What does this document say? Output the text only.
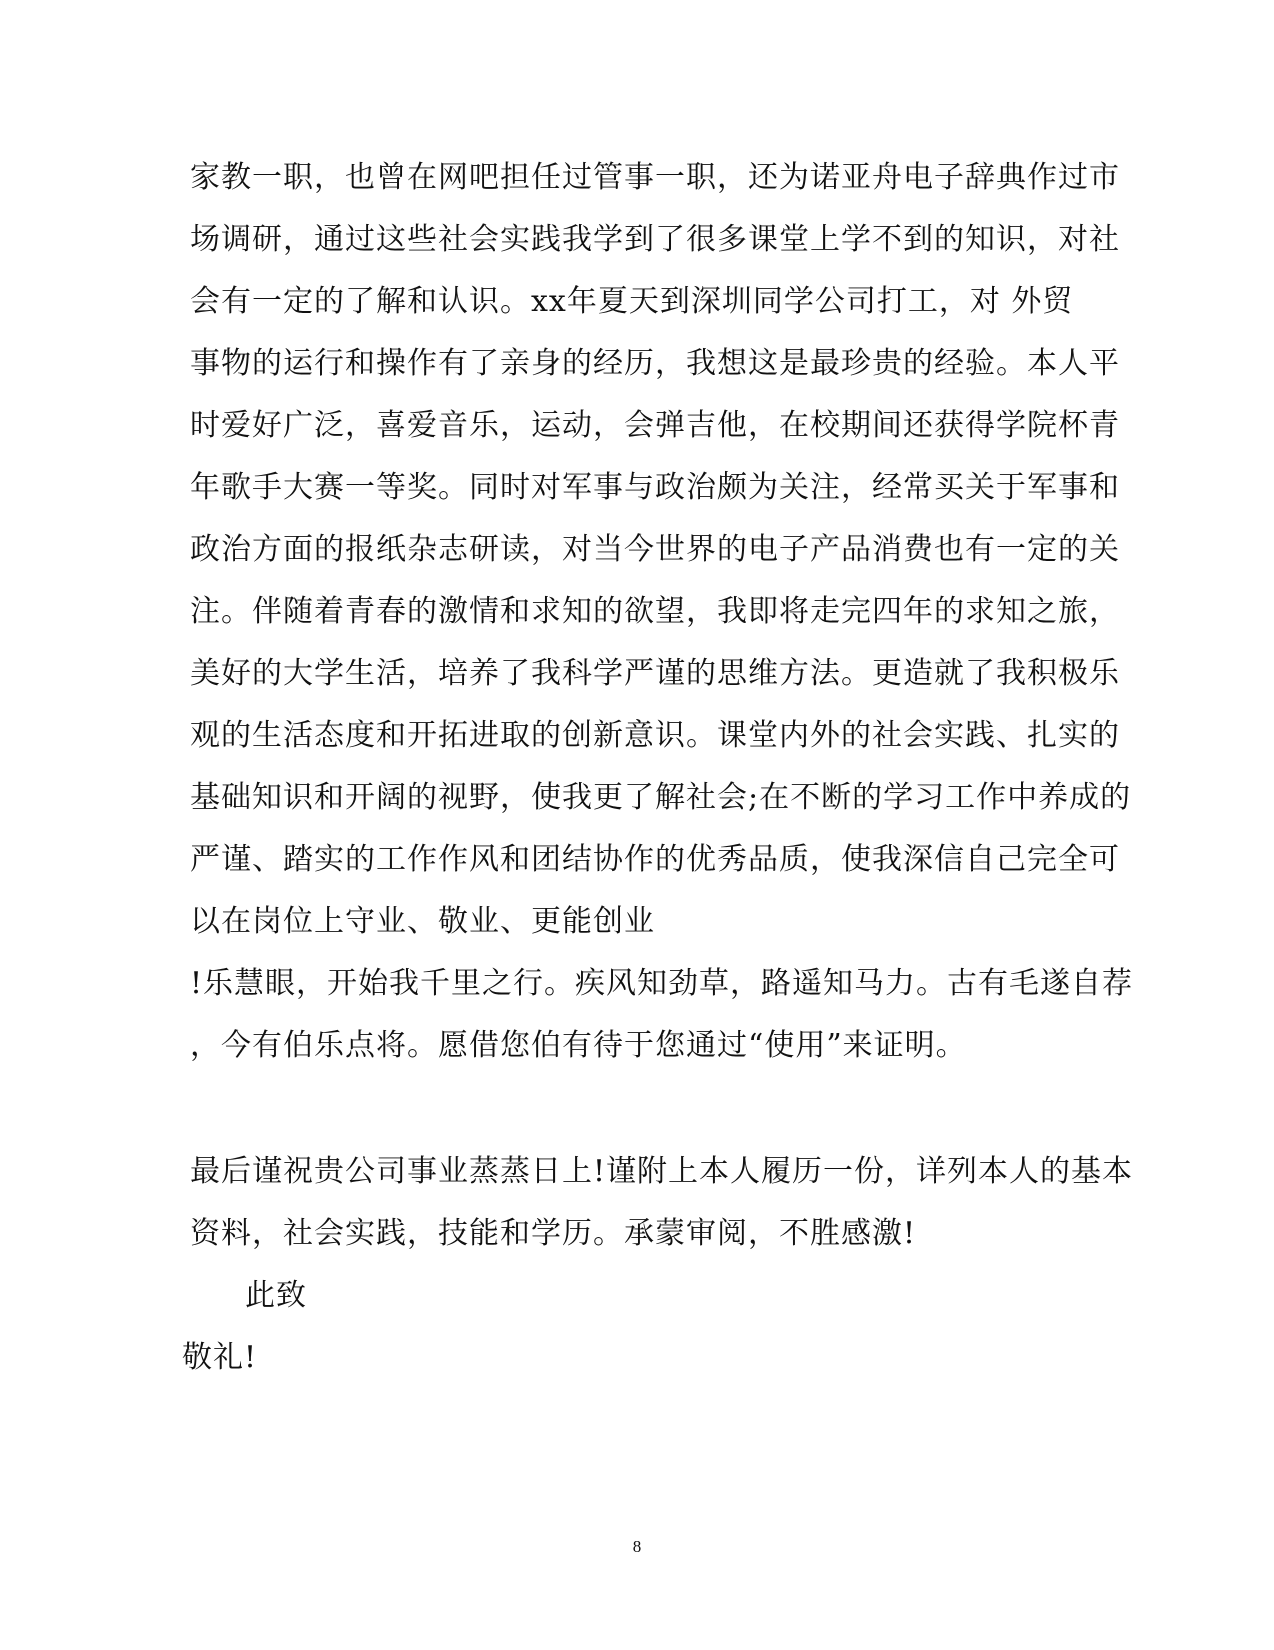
家教一职，也曾在网吧担任过管事一职，还为诺亚舟电子辞典作过市
场调研，通过这些社会实践我学到了很多课堂上学不到的知识，对社
会有一定的了解和认识。xx年夏天到深圳同学公司打工，对 外贸
事物的运行和操作有了亲身的经历，我想这是最珍贵的经验。本人平
时爱好广泛，喜爱音乐，运动，会弹吉他，在校期间还获得学院杯青
年歌手大赛一等奖。同时对军事与政治颇为关注，经常买关于军事和
政治方面的报纸杂志研读，对当今世界的电子产品消费也有一定的关
注。伴随着青春的激情和求知的欲望，我即将走完四年的求知之旅，
美好的大学生活，培养了我科学严谨的思维方法。更造就了我积极乐
观的生活态度和开拓进取的创新意识。课堂内外的社会实践、扎实的
基础知识和开阔的视野，使我更了解社会;在不断的学习工作中养成的
严谨、踏实的工作作风和团结协作的优秀品质，使我深信自己完全可
以在岗位上守业、敬业、更能创业
!乐慧眼，开始我千里之行。疾风知劲草，路遥知马力。古有毛遂自荐
，今有伯乐点将。愿借您伯有待于您通过“使用”来证明。
最后谨祝贵公司事业蒸蒸日上!谨附上本人履历一份，详列本人的基本
资料，社会实践，技能和学历。承蒙审阅，不胜感激!
此致
敬礼!
8
